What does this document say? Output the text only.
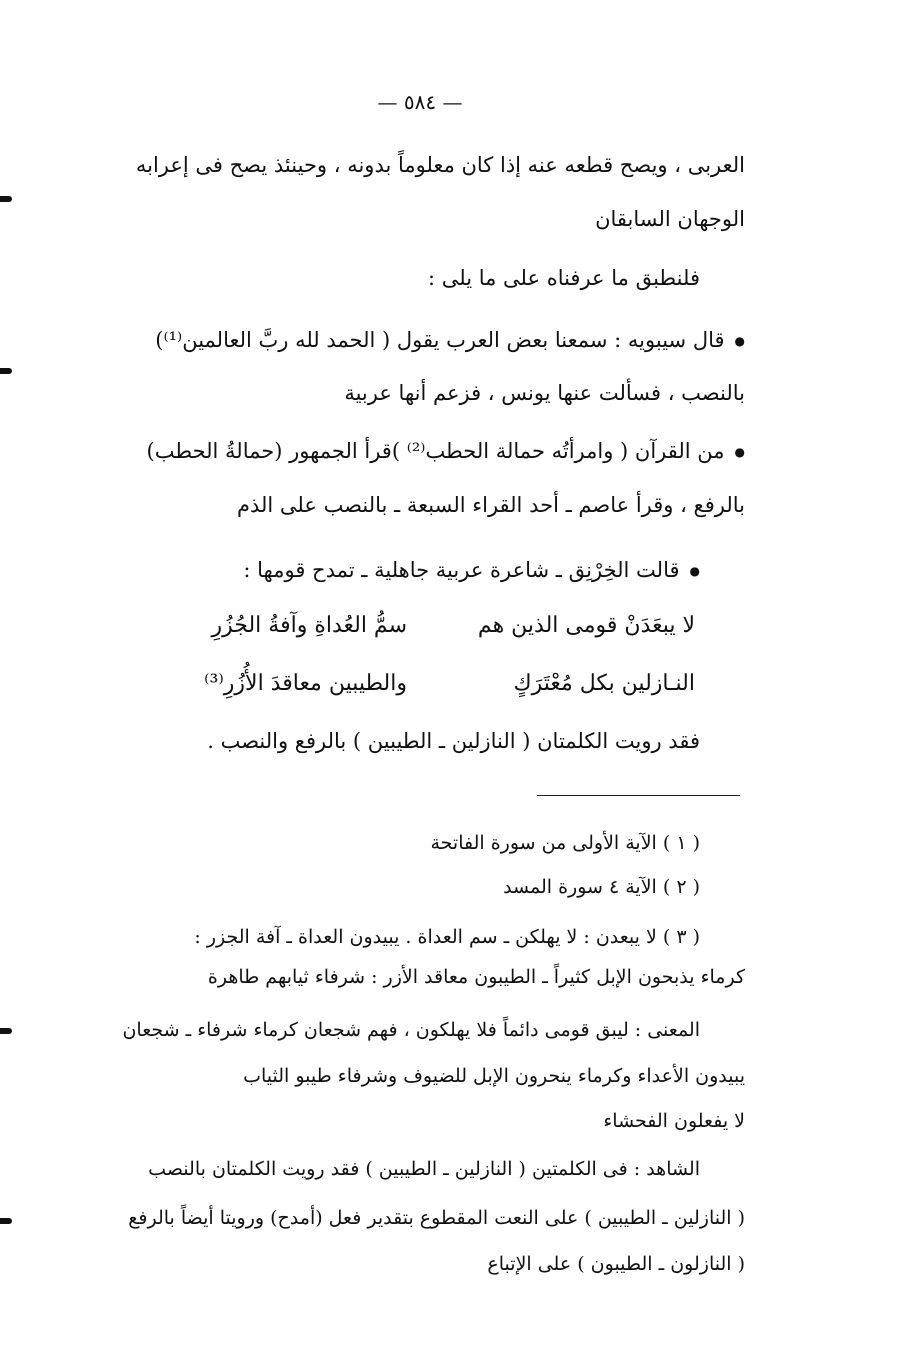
— ٥٨٤ —
العربى ، ويصح قطعه عنه إذا كان معلوماً بدونه ، وحينئذ يصح فى إعرابه
الوجهان السابقان
فلنطبق ما عرفناه على ما يلى :
● قال سيبويه : سمعنا بعض العرب يقول ( الحمد لله ربَّ العالمين⁽¹⁾)
بالنصب ، فسألت عنها يونس ، فزعم أنها عربية
● من القرآن ( وامرأتُه حمالة الحطب⁽²⁾ )قرأ الجمهور (حمالةُ الحطب)
بالرفع ، وقرأ عاصم ـ أحد القراء السبعة ـ بالنصب على الذم
● قالت الخِرْنِق ـ شاعرة عربية جاهلية ـ تمدح قومها :
لا يبعَدَنْ قومى الذين هم
سمُّ العُداةِ وآفةُ الجُزُرِ
النـازلين بكل مُعْتَرَكٍ
والطيبين معاقدَ الأُزُرِ⁽³⁾
فقد رويت الكلمتان ( النازلين ـ الطيبين ) بالرفع والنصب .
( ١ ) الآية الأولى من سورة الفاتحة
( ٢ ) الآية ٤ سورة المسد
( ٣ ) لا يبعدن : لا يهلكن ـ سم العداة . يبيدون العداة ـ آفة الجزر :
كرماء يذبحون الإبل كثيراً ـ الطيبون معاقد الأزر : شرفاء ثيابهم طاهرة
المعنى : ليبق قومى دائماً فلا يهلكون ، فهم شجعان كرماء شرفاء ـ شجعان
يبيدون الأعداء وكرماء ينحرون الإبل للضيوف وشرفاء طيبو الثياب
لا يفعلون الفحشاء
الشاهد : فى الكلمتين ( النازلين ـ الطيبين ) فقد رويت الكلمتان بالنصب
( النازلين ـ الطيبين ) على النعت المقطوع بتقدير فعل (أمدح) ورويتا أيضاً بالرفع
( النازلون ـ الطيبون ) على الإتباع
